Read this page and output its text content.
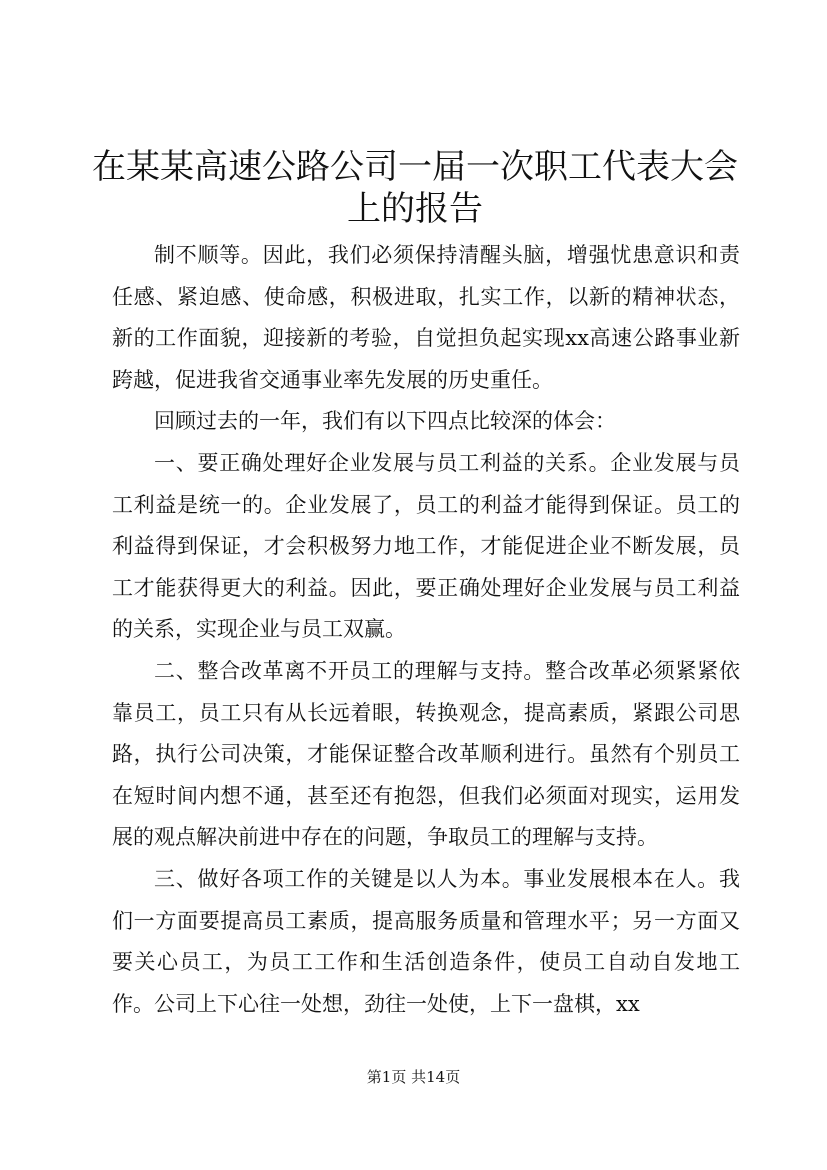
在某某高速公路公司一届一次职工代表大会上的报告

制不顺等。因此，我们必须保持清醒头脑，增强忧患意识和责任感、紧迫感、使命感，积极进取，扎实工作，以新的精神状态，新的工作面貌，迎接新的考验，自觉担负起实现xx高速公路事业新跨越，促进我省交通事业率先发展的历史重任。

回顾过去的一年，我们有以下四点比较深的体会：

一、要正确处理好企业发展与员工利益的关系。企业发展与员工利益是统一的。企业发展了，员工的利益才能得到保证。员工的利益得到保证，才会积极努力地工作，才能促进企业不断发展，员工才能获得更大的利益。因此，要正确处理好企业发展与员工利益的关系，实现企业与员工双赢。

二、整合改革离不开员工的理解与支持。整合改革必须紧紧依靠员工，员工只有从长远着眼，转换观念，提高素质，紧跟公司思路，执行公司决策，才能保证整合改革顺利进行。虽然有个别员工在短时间内想不通，甚至还有抱怨，但我们必须面对现实，运用发展的观点解决前进中存在的问题，争取员工的理解与支持。

三、做好各项工作的关键是以人为本。事业发展根本在人。我们一方面要提高员工素质，提高服务质量和管理水平；另一方面又要关心员工，为员工工作和生活创造条件，使员工自动自发地工作。公司上下心往一处想，劲往一处使，上下一盘棋，xx

第1页 共14页
